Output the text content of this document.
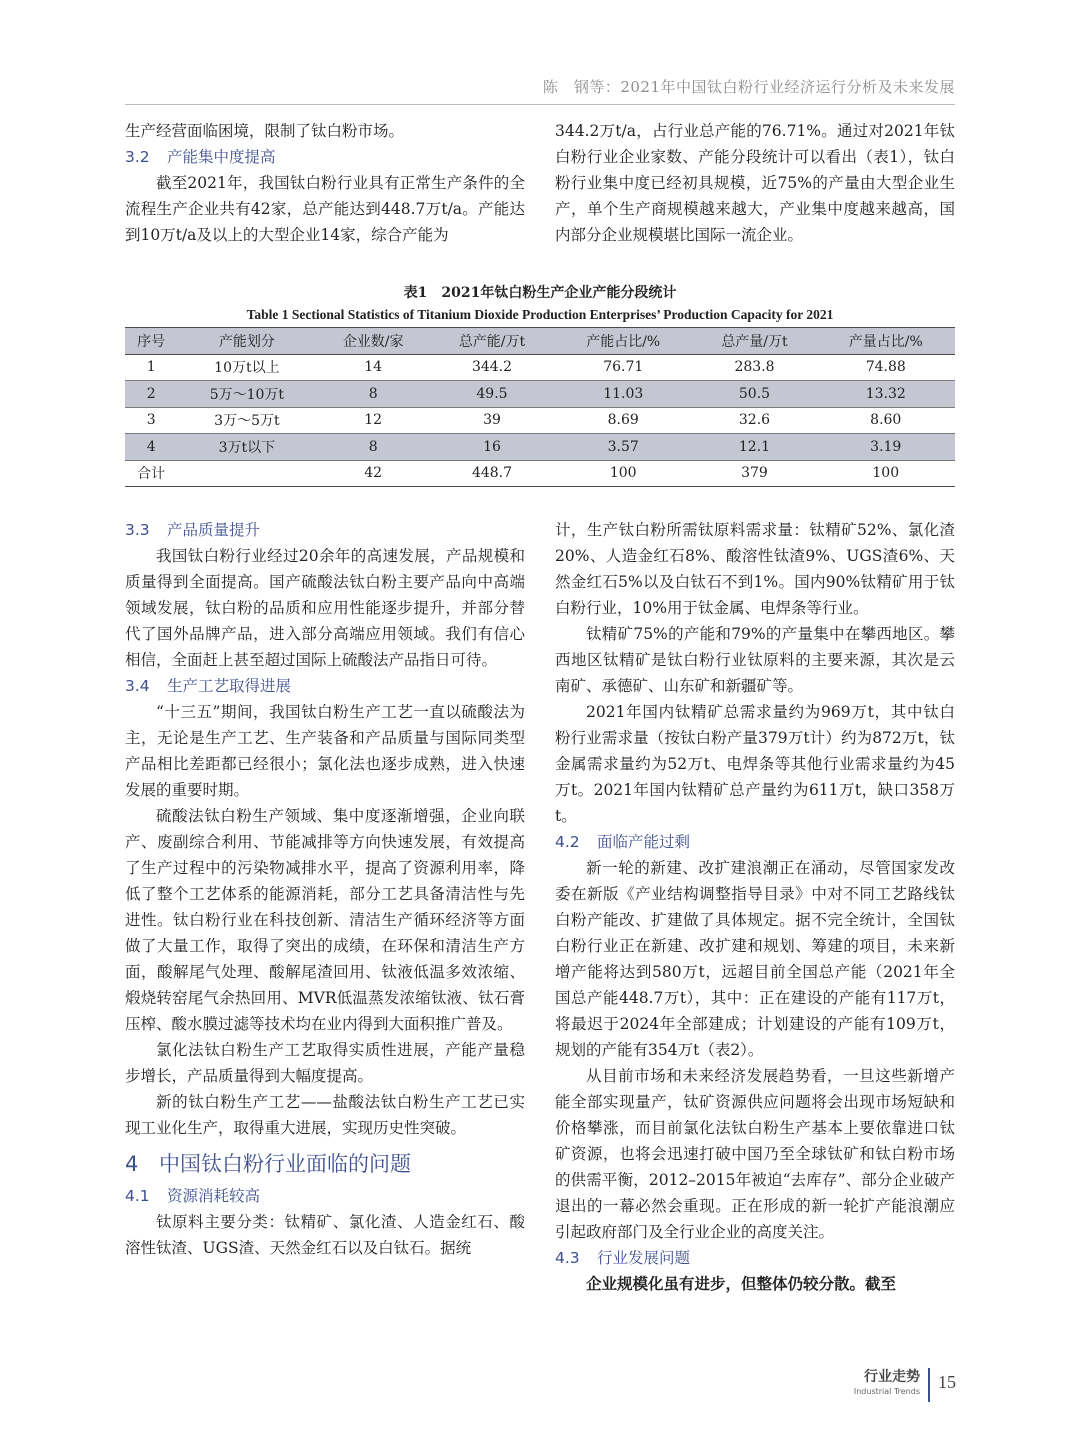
陈　钢等：2021年中国钛白粉行业经济运行分析及未来发展

生产经营面临困境，限制了钛白粉市场。

3.2 产能集中度提高

截至2021年，我国钛白粉行业具有正常生产条件的全流程生产企业共有42家，总产能达到448.7万t/a。产能达到10万t/a及以上的大型企业14家，综合产能为

344.2万t/a，占行业总产能的76.71%。通过对2021年钛白粉行业企业家数、产能分段统计可以看出（表1），钛白粉行业集中度已经初具规模，近75%的产量由大型企业生产，单个生产商规模越来越大，产业集中度越来越高，国内部分企业规模堪比国际一流企业。

表1　2021年钛白粉生产企业产能分段统计

Table 1 Sectional Statistics of Titanium Dioxide Production Enterprises’ Production Capacity for 2021

序号	产能划分	企业数/家	总产能/万t	产能占比/%	总产量/万t	产量占比/%
1	10万t以上	14	344.2	76.71	283.8	74.88
2	5万～10万t	8	49.5	11.03	50.5	13.32
3	3万～5万t	12	39	8.69	32.6	8.60
4	3万t以下	8	16	3.57	12.1	3.19
合计		42	448.7	100	379	100
3.3 产品质量提升

我国钛白粉行业经过20余年的高速发展，产品规模和质量得到全面提高。国产硫酸法钛白粉主要产品向中高端领域发展，钛白粉的品质和应用性能逐步提升，并部分替代了国外品牌产品，进入部分高端应用领域。我们有信心相信，全面赶上甚至超过国际上硫酸法产品指日可待。

3.4 生产工艺取得进展

“十三五”期间，我国钛白粉生产工艺一直以硫酸法为主，无论是生产工艺、生产装备和产品质量与国际同类型产品相比差距都已经很小；氯化法也逐步成熟，进入快速发展的重要时期。

硫酸法钛白粉生产领域、集中度逐渐增强，企业向联产、废副综合利用、节能减排等方向快速发展，有效提高了生产过程中的污染物减排水平，提高了资源利用率，降低了整个工艺体系的能源消耗，部分工艺具备清洁性与先进性。钛白粉行业在科技创新、清洁生产循环经济等方面做了大量工作，取得了突出的成绩，在环保和清洁生产方面，酸解尾气处理、酸解尾渣回用、钛液低温多效浓缩、煅烧转窑尾气余热回用、MVR低温蒸发浓缩钛液、钛石膏压榨、酸水膜过滤等技术均在业内得到大面积推广普及。

氯化法钛白粉生产工艺取得实质性进展，产能产量稳步增长，产品质量得到大幅度提高。

新的钛白粉生产工艺——盐酸法钛白粉生产工艺已实现工业化生产，取得重大进展，实现历史性突破。

4 中国钛白粉行业面临的问题
4.1 资源消耗较高

钛原料主要分类：钛精矿、氯化渣、人造金红石、酸溶性钛渣、UGS渣、天然金红石以及白钛石。据统

计，生产钛白粉所需钛原料需求量：钛精矿52%、氯化渣20%、人造金红石8%、酸溶性钛渣9%、UGS渣6%、天然金红石5%以及白钛石不到1%。国内90%钛精矿用于钛白粉行业，10%用于钛金属、电焊条等行业。

钛精矿75%的产能和79%的产量集中在攀西地区。攀西地区钛精矿是钛白粉行业钛原料的主要来源，其次是云南矿、承德矿、山东矿和新疆矿等。

2021年国内钛精矿总需求量约为969万t，其中钛白粉行业需求量（按钛白粉产量379万t计）约为872万t，钛金属需求量约为52万t、电焊条等其他行业需求量约为45万t。2021年国内钛精矿总产量约为611万t，缺口358万t。

4.2 面临产能过剩

新一轮的新建、改扩建浪潮正在涌动，尽管国家发改委在新版《产业结构调整指导目录》中对不同工艺路线钛白粉产能改、扩建做了具体规定。据不完全统计，全国钛白粉行业正在新建、改扩建和规划、筹建的项目，未来新增产能将达到580万t，远超目前全国总产能（2021年全国总产能448.7万t），其中：正在建设的产能有117万t，将最迟于2024年全部建成；计划建设的产能有109万t，规划的产能有354万t（表2）。

从目前市场和未来经济发展趋势看，一旦这些新增产能全部实现量产，钛矿资源供应问题将会出现市场短缺和价格攀涨，而目前氯化法钛白粉生产基本上要依靠进口钛矿资源，也将会迅速打破中国乃至全球钛矿和钛白粉市场的供需平衡，2012–2015年被迫“去库存”、部分企业破产退出的一幕必然会重现。正在形成的新一轮扩产能浪潮应引起政府部门及全行业企业的高度关注。

4.3 行业发展问题

企业规模化虽有进步，但整体仍较分散。截至

行业走势
Industrial Trends 15
